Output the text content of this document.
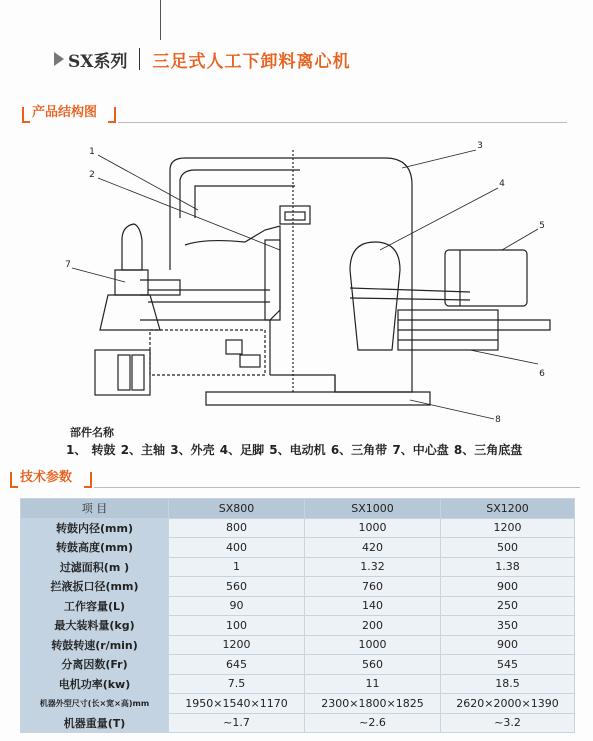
SX系列 三足式人工下卸料离心机
产品结构图
1
2
3
4
5
6
7
8
部件名称
1、 转鼓 2、主轴 3、外壳 4、足脚 5、电动机 6、三角带 7、中心盘 8、三角底盘
技术参数
项 目	SX800	SX1000	SX1200
转鼓内径(mm)	800	1000	1200
转鼓高度(mm)	400	420	500
过滤面积(m )	1	1.32	1.38
拦液扳口径(mm)	560	760	900
工作容量(L)	90	140	250
最大装料量(kg)	100	200	350
转鼓转速(r/min)	1200	1000	900
分离因数(Fr)	645	560	545
电机功率(kw)	7.5	11	18.5
机器外型尺寸(长×宽×高)mm	1950×1540×1170	2300×1800×1825	2620×2000×1390
机器重量(T)	~1.7	~2.6	~3.2
